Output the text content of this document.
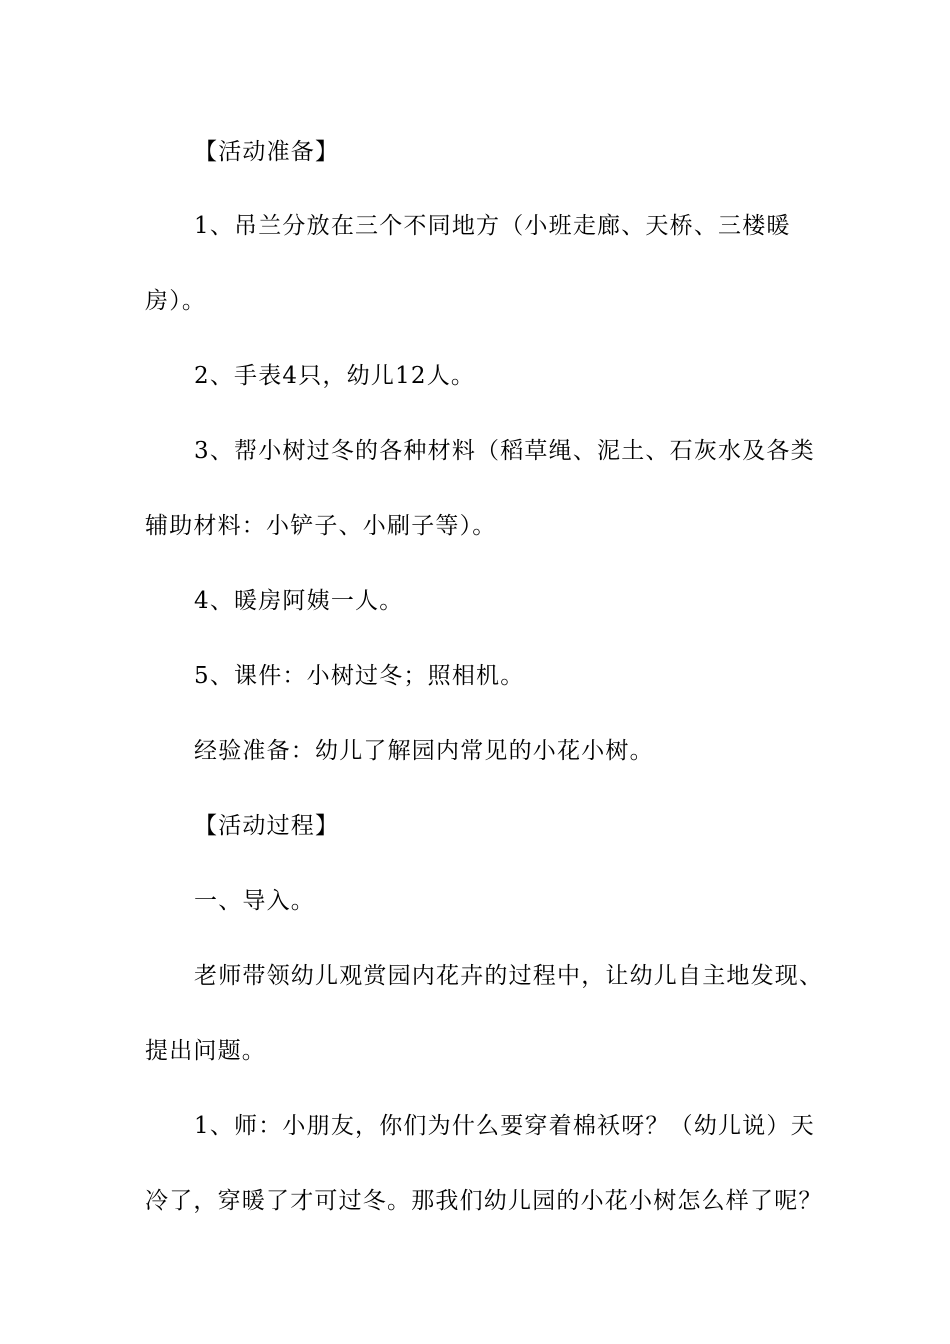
【活动准备】
1、吊兰分放在三个不同地方（小班走廊、天桥、三楼暖
房）。
2、手表4只，幼儿12人。
3、帮小树过冬的各种材料（稻草绳、泥土、石灰水及各类
辅助材料：小铲子、小刷子等）。
4、暖房阿姨一人。
5、课件：小树过冬；照相机。
经验准备：幼儿了解园内常见的小花小树。
【活动过程】
一、导入。
老师带领幼儿观赏园内花卉的过程中，让幼儿自主地发现、
提出问题。
1、师：小朋友，你们为什么要穿着棉袄呀？（幼儿说）天
冷了，穿暖了才可过冬。那我们幼儿园的小花小树怎么样了呢？
